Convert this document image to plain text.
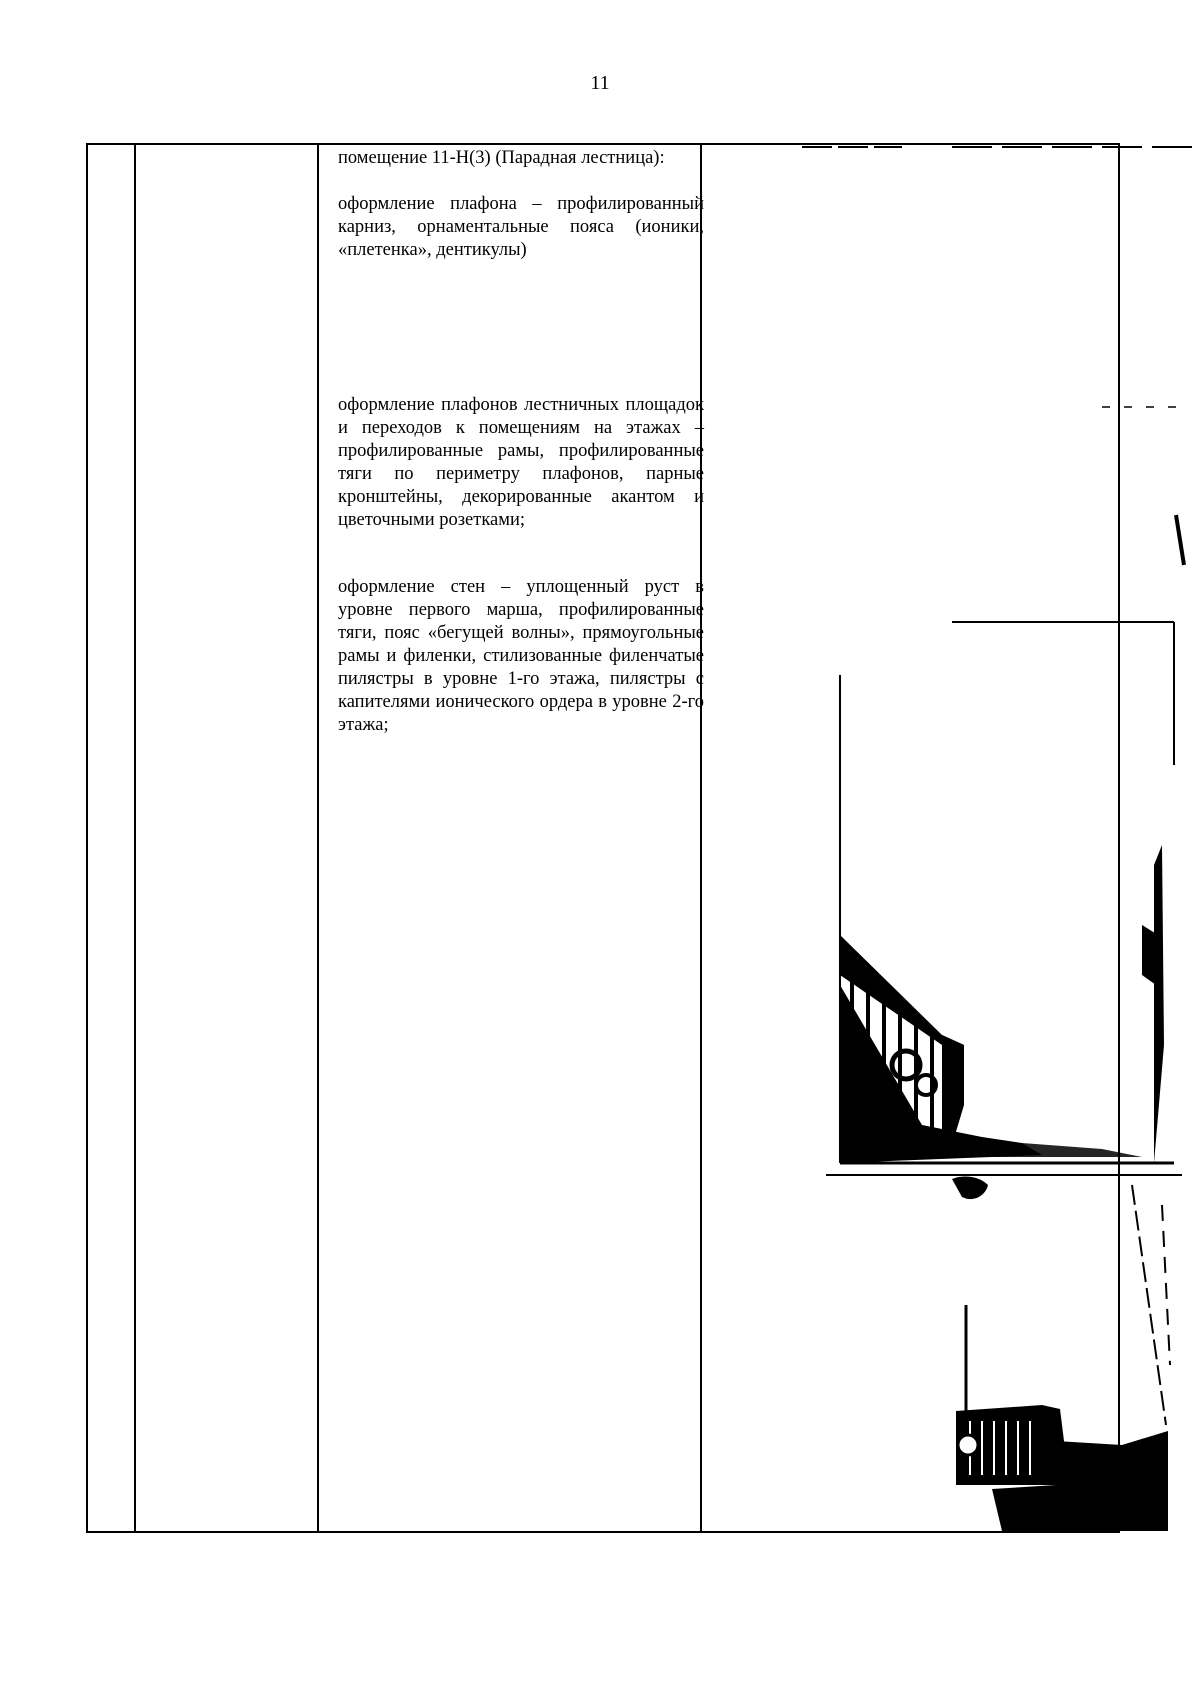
11

помещение 11-Н(3) (Парадная лестница):

оформление плафона – профилированный карниз, орнаментальные пояса (ионики, «плетенка», дентикулы)

оформление плафонов лестничных площадок и переходов к помещениям на этажах – профилированные рамы, профилированные тяги по периметру плафонов, парные кронштейны, декорированные акантом и цветочными розетками;

оформление стен – уплощенный руст в уровне первого марша, профилированные тяги, пояс «бегущей волны», прямоугольные рамы и филенки, стилизованные филенчатые пилястры в уровне 1-го этажа, пилястры с капителями ионического ордера в уровне 2-го этажа;
